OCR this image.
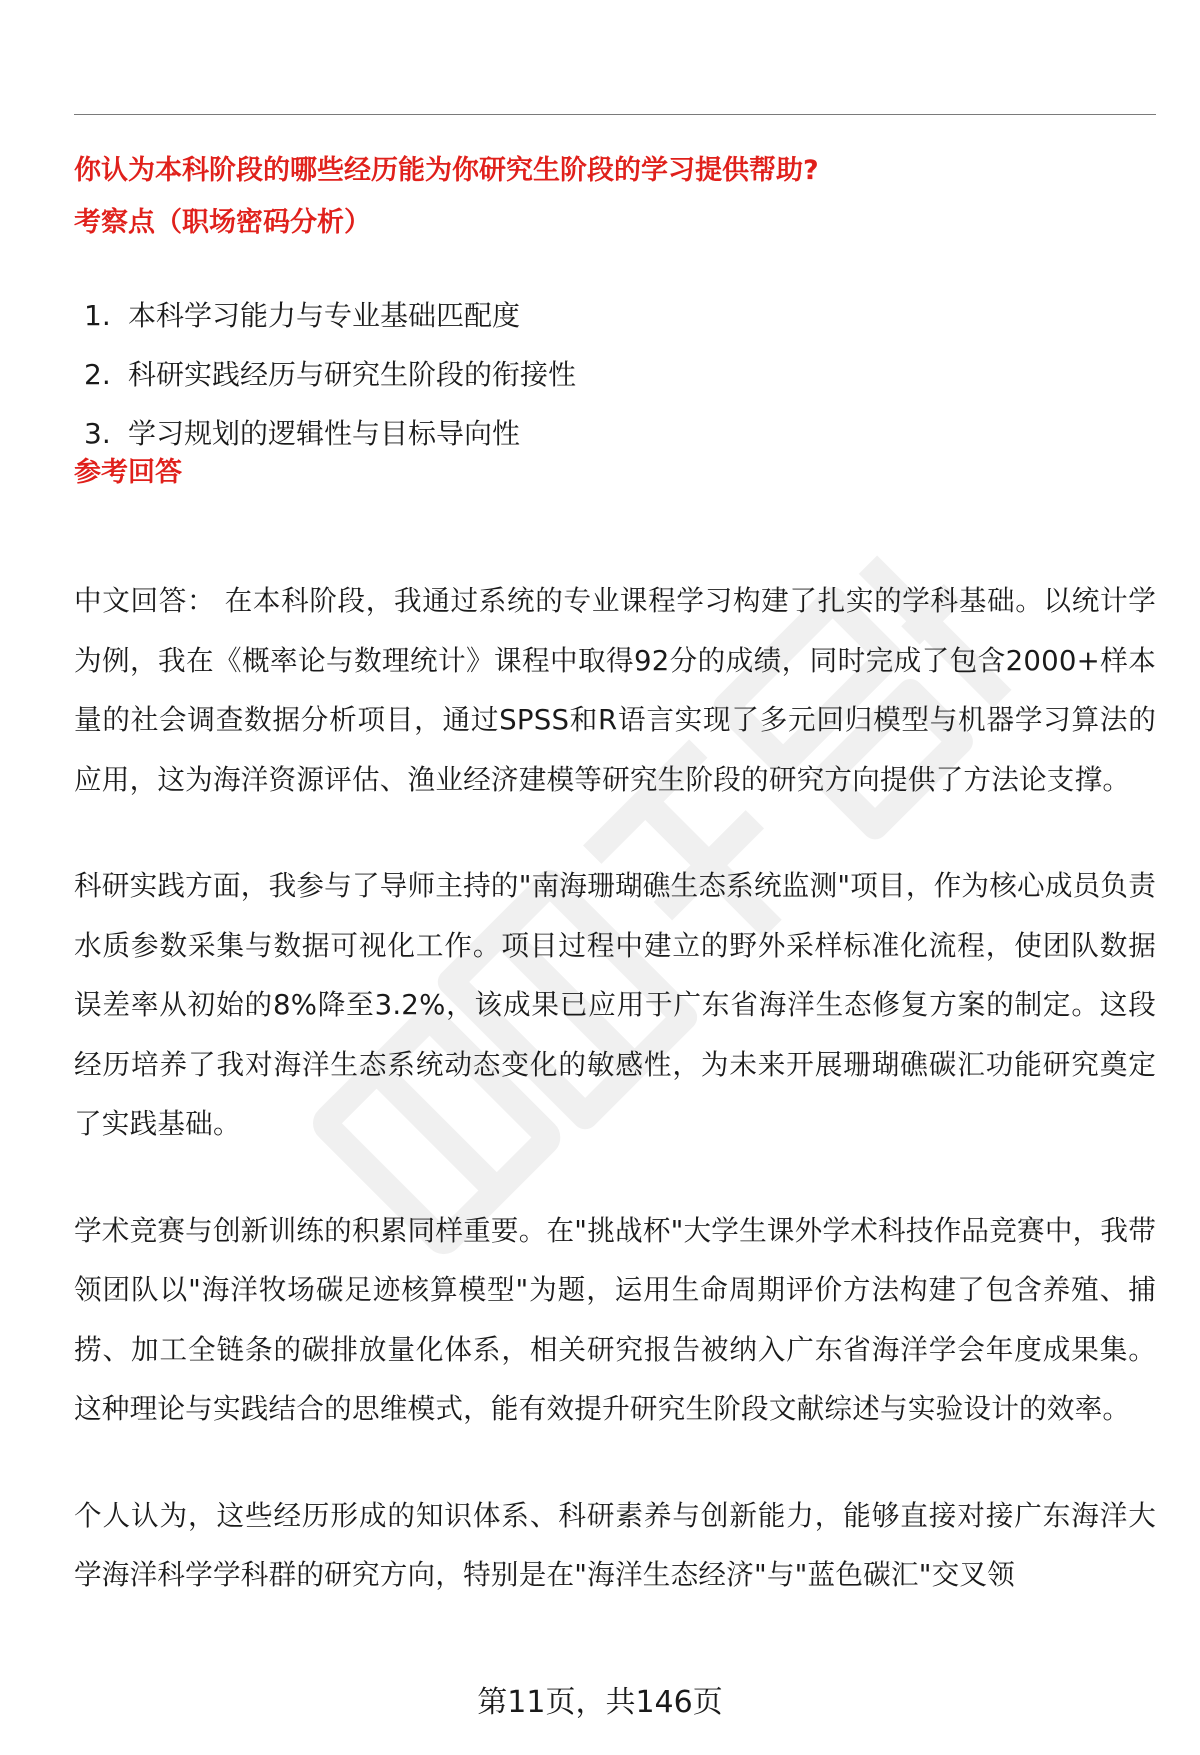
你认为本科阶段的哪些经历能为你研究生阶段的学习提供帮助?
考察点（职场密码分析）
1. 本科学习能力与专业基础匹配度
2. 科研实践经历与研究生阶段的衔接性
3. 学习规划的逻辑性与目标导向性
参考回答

中文回答： 在本科阶段，我通过系统的专业课程学习构建了扎实的学科基础。以统计学为例，我在《概率论与数理统计》课程中取得92分的成绩，同时完成了包含2000+样本量的社会调查数据分析项目，通过SPSS和R语言实现了多元回归模型与机器学习算法的应用，这为海洋资源评估、渔业经济建模等研究生阶段的研究方向提供了方法论支撑。

科研实践方面，我参与了导师主持的"南海珊瑚礁生态系统监测"项目，作为核心成员负责水质参数采集与数据可视化工作。项目过程中建立的野外采样标准化流程，使团队数据误差率从初始的8%降至3.2%，该成果已应用于广东省海洋生态修复方案的制定。这段经历培养了我对海洋生态系统动态变化的敏感性，为未来开展珊瑚礁碳汇功能研究奠定了实践基础。

学术竞赛与创新训练的积累同样重要。在"挑战杯"大学生课外学术科技作品竞赛中，我带领团队以"海洋牧场碳足迹核算模型"为题，运用生命周期评价方法构建了包含养殖、捕捞、加工全链条的碳排放量化体系，相关研究报告被纳入广东省海洋学会年度成果集。这种理论与实践结合的思维模式，能有效提升研究生阶段文献综述与实验设计的效率。

个人认为，这些经历形成的知识体系、科研素养与创新能力，能够直接对接广东海洋大学海洋科学学科群的研究方向，特别是在"海洋生态经济"与"蓝色碳汇"交叉领

第11页，共146页
